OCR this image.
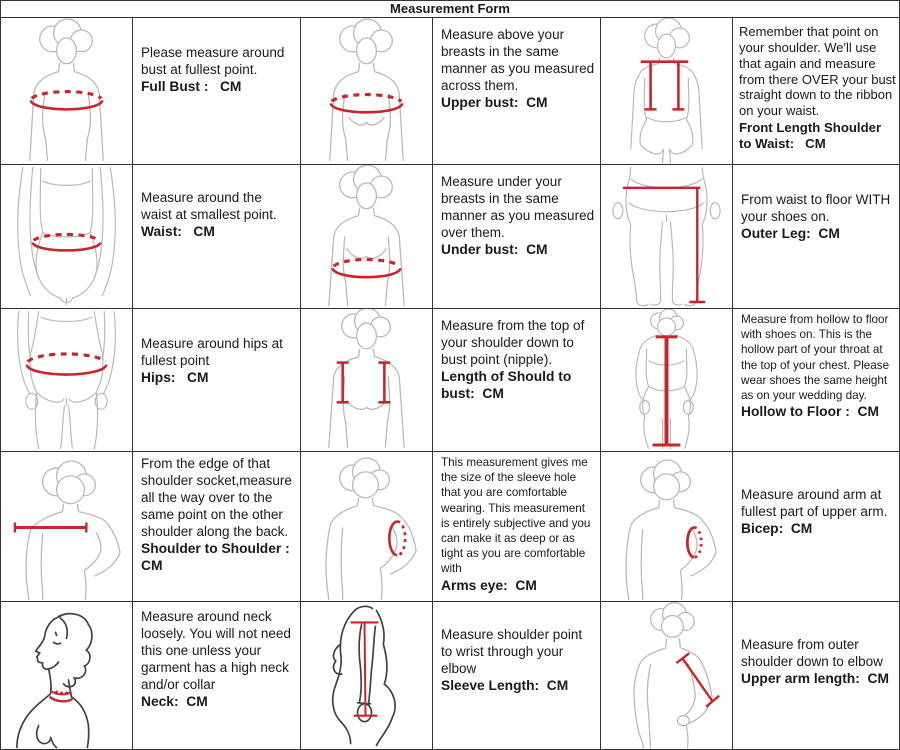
Measurement Form

Please measure around bust at fullest point.

Full Bust :   CM

Measure above your breasts in the same manner as you measured across them.

Upper bust:  CM

Remember that point on your shoulder. We'll use that again and measure from there OVER your bust straight down to the ribbon on your waist.

Front Length Shoulder to Waist:   CM

Measure around the waist at smallest point.

Waist:   CM

Measure under your breasts in the same manner as you measured over them.

Under bust:  CM

From waist to floor WITH your shoes on.

Outer Leg:  CM

Measure around hips at fullest point

Hips:   CM

Measure from the top of your shoulder down to bust point (nipple).

Length of Should to bust:  CM

Measure from hollow to floor with shoes on. This is the hollow part of your throat at the top of your chest. Please wear shoes the same height as on your wedding day.

Hollow to Floor :  CM

From the edge of that shoulder socket,measure all the way over to the same point on the other shoulder along the back.

Shoulder to Shoulder : CM

This measurement gives me the size of the sleeve hole that you are comfortable wearing. This measurement is entirely subjective and you can make it as deep or as tight as you are comfortable with

Arms eye:  CM

Measure around arm at fullest part of upper arm.

Bicep:  CM

Measure around neck loosely. You will not need this one unless your garment has a high neck and/or collar

Neck:  CM

Measure shoulder point to wrist through your elbow

Sleeve Length:  CM

Measure from outer shoulder down to elbow

Upper arm length:  CM
